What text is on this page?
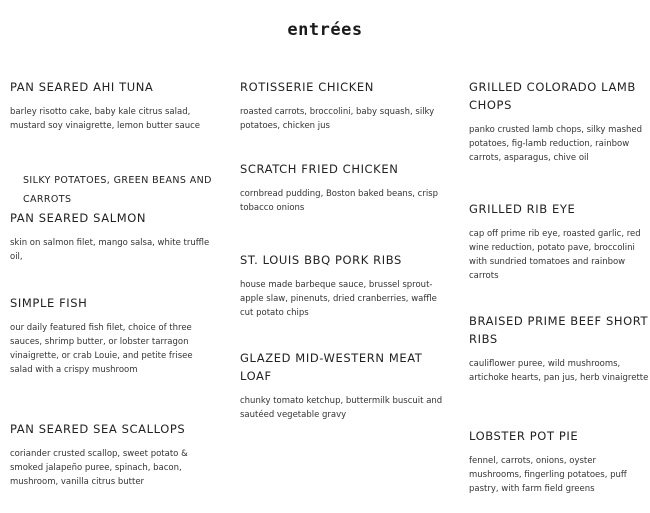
entrées

PAN SEARED AHI TUNA

barley risotto cake, baby kale citrus salad, mustard soy vinaigrette, lemon butter sauce

SILKY POTATOES, GREEN BEANS AND CARROTS

PAN SEARED SALMON

skin on salmon filet, mango salsa, white truffle oil,

SIMPLE FISH

our daily featured fish filet, choice of three sauces, shrimp butter, or lobster tarragon vinaigrette, or crab Louie, and petite frisee salad with a crispy mushroom

PAN SEARED SEA SCALLOPS

coriander crusted scallop, sweet potato & smoked jalapeño puree, spinach, bacon, mushroom, vanilla citrus butter

ROTISSERIE CHICKEN

roasted carrots, broccolini, baby squash, silky potatoes, chicken jus

SCRATCH FRIED CHICKEN

cornbread pudding, Boston baked beans, crisp tobacco onions

ST. LOUIS BBQ PORK RIBS

house made barbeque sauce, brussel sprout-apple slaw, pinenuts, dried cranberries, waffle cut potato chips

GLAZED MID-WESTERN MEAT LOAF

chunky tomato ketchup, buttermilk buscuit and sautéed vegetable gravy

GRILLED COLORADO LAMB CHOPS

panko crusted lamb chops, silky mashed potatoes, fig-lamb reduction, rainbow carrots, asparagus, chive oil

GRILLED RIB EYE

cap off prime rib eye, roasted garlic, red wine reduction, potato pave, broccolini with sundried tomatoes and rainbow carrots

BRAISED PRIME BEEF SHORT RIBS

cauliflower puree, wild mushrooms, artichoke hearts, pan jus, herb vinaigrette

LOBSTER POT PIE

fennel, carrots, onions, oyster mushrooms, fingerling potatoes, puff pastry, with farm field greens
